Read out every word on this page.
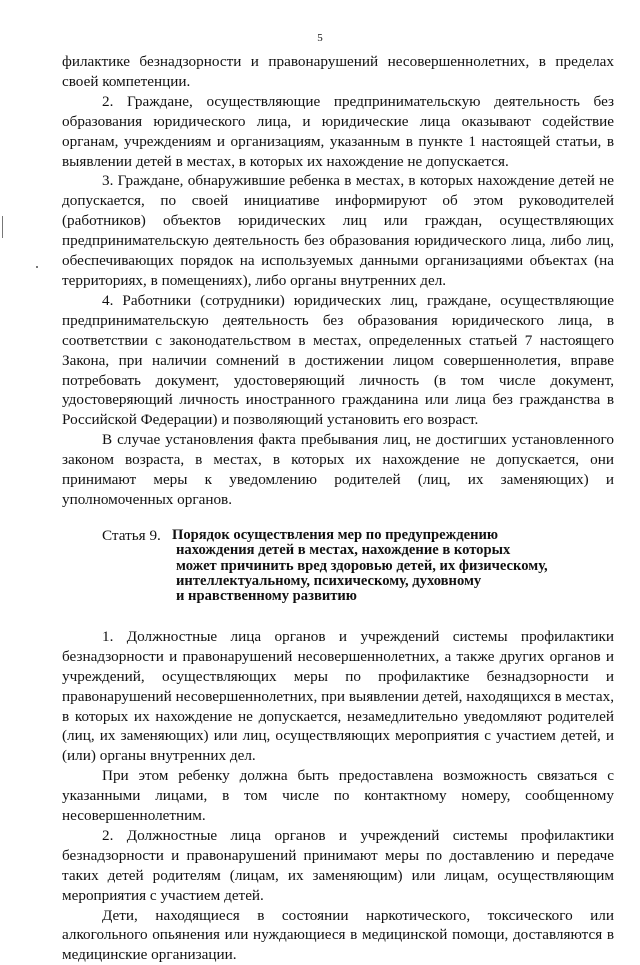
5

филактике безнадзорности и правонарушений несовершеннолетних, в пределах своей компетенции.

2. Граждане, осуществляющие предпринимательскую деятельность без образования юридического лица, и юридические лица оказывают содействие органам, учреждениям и организациям, указанным в пункте 1 настоящей статьи, в выявлении детей в местах, в которых их нахождение не допускается.

3. Граждане, обнаружившие ребенка в местах, в которых нахождение детей не допускается, по своей инициативе информируют об этом руководителей (работников) объектов юридических лиц или граждан, осуществляющих предпринимательскую деятельность без образования юридического лица, либо лиц, обеспечивающих порядок на используемых данными организациями объектах (на территориях, в помещениях), либо органы внутренних дел.

4. Работники (сотрудники) юридических лиц, граждане, осуществляющие предпринимательскую деятельность без образования юридического лица, в соответствии с законодательством в местах, определенных статьей 7 настоящего Закона, при наличии сомнений в достижении лицом совершеннолетия, вправе потребовать документ, удостоверяющий личность (в том числе документ, удостоверяющий личность иностранного гражданина или лица без гражданства в Российской Федерации) и позволяющий установить его возраст.

В случае установления факта пребывания лиц, не достигших установленного законом возраста, в местах, в которых их нахождение не допускается, они принимают меры к уведомлению родителей (лиц, их заменяющих) и уполномоченных органов.

Статья 9. Порядок осуществления мер по предупреждению
нахождения детей в местах, нахождение в которых
может причинить вред здоровью детей, их физическому,
интеллектуальному, психическому, духовному
и нравственному развитию

1. Должностные лица органов и учреждений системы профилактики безнадзорности и правонарушений несовершеннолетних, а также других органов и учреждений, осуществляющих меры по профилактике безнадзорности и правонарушений несовершеннолетних, при выявлении детей, находящихся в местах, в которых их нахождение не допускается, незамедлительно уведомляют родителей (лиц, их заменяющих) или лиц, осуществляющих мероприятия с участием детей, и (или) органы внутренних дел.

При этом ребенку должна быть предоставлена возможность связаться с указанными лицами, в том числе по контактному номеру, сообщенному несовершеннолетним.

2. Должностные лица органов и учреждений системы профилактики безнадзорности и правонарушений принимают меры по доставлению и передаче таких детей родителям (лицам, их заменяющим) или лицам, осуществляющим мероприятия с участием детей.

Дети, находящиеся в состоянии наркотического, токсического или алкогольного опьянения или нуждающиеся в медицинской помощи, доставляются в медицинские организации.
